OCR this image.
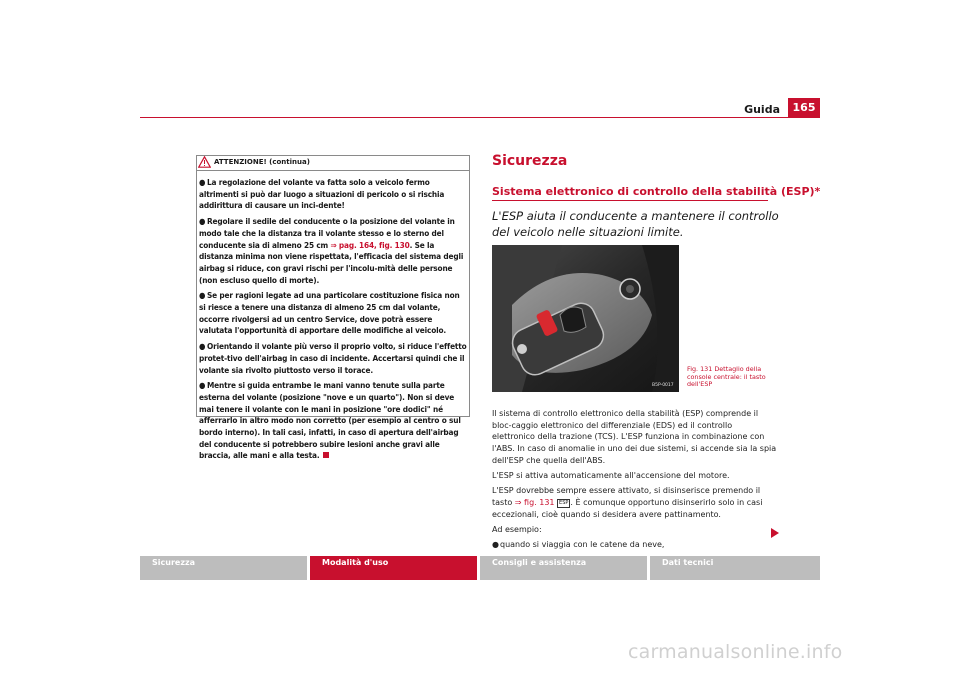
Guida	165
ATTENZIONE! (continua)

● La regolazione del volante va fatta solo a veicolo fermo altrimenti si può dar luogo a situazioni di pericolo o si rischia addirittura di causare un inci-dente!

● Regolare il sedile del conducente o la posizione del volante in modo tale che la distanza tra il volante stesso e lo sterno del conducente sia di almeno 25 cm ⇒ pag. 164, fig. 130. Se la distanza minima non viene rispettata, l'efficacia del sistema degli airbag si riduce, con gravi rischi per l'incolu-mità delle persone (non escluso quello di morte).

● Se per ragioni legate ad una particolare costituzione fisica non si riesce a tenere una distanza di almeno 25 cm dal volante, occorre rivolgersi ad un centro Service, dove potrà essere valutata l'opportunità di apportare delle modifiche al veicolo.

● Orientando il volante più verso il proprio volto, si riduce l'effetto protet-tivo dell'airbag in caso di incidente. Accertarsi quindi che il volante sia rivolto piuttosto verso il torace.

● Mentre si guida entrambe le mani vanno tenute sulla parte esterna del volante (posizione "nove e un quarto"). Non si deve mai tenere il volante con le mani in posizione "ore dodici" né afferrarlo in altro modo non corretto (per esempio al centro o sul bordo interno). In tali casi, infatti, in caso di apertura dell'airbag del conducente si potrebbero subire lesioni anche gravi alle braccia, alle mani e alla testa.

Sicurezza
Sistema elettronico di controllo della stabilità (ESP)*
L'ESP aiuta il conducente a mantenere il controllo del veicolo nelle situazioni limite.
B5P-0017
Fig. 131 Dettaglio della console centrale: il tasto dell'ESP

Il sistema di controllo elettronico della stabilità (ESP) comprende il bloc-caggio elettronico del differenziale (EDS) ed il controllo elettronico della trazione (TCS). L'ESP funziona in combinazione con l'ABS. In caso di anomalie in uno dei due sistemi, si accende sia la spia dell'ESP che quella dell'ABS.

L'ESP si attiva automaticamente all'accensione del motore.

L'ESP dovrebbe sempre essere attivato, si disinserisce premendo il tasto ⇒ fig. 131 ESP . È comunque opportuno disinserirlo solo in casi eccezionali, cioè quando si desidera avere pattinamento.

Ad esempio:

●quando si viaggia con le catene da neve,

Sicurezza	Modalità d'uso	Consigli e assistenza	Dati tecnici
carmanualsonline.info
